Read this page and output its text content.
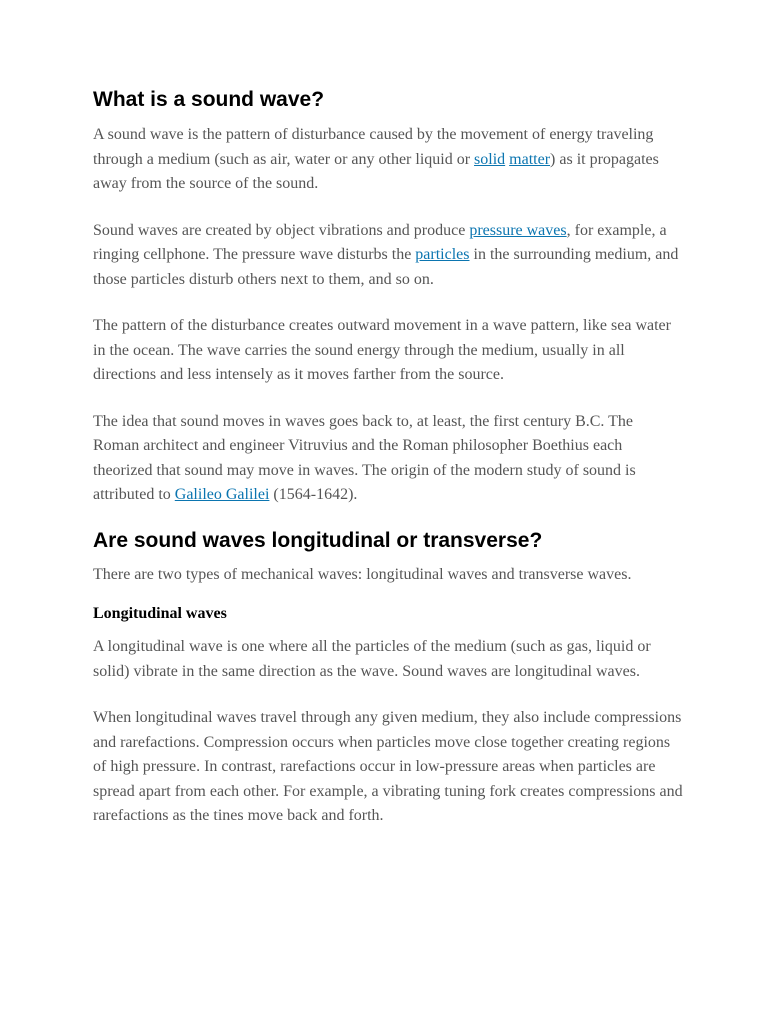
What is a sound wave?

A sound wave is the pattern of disturbance caused by the movement of energy traveling through a medium (such as air, water or any other liquid or solid matter) as it propagates away from the source of the sound.

Sound waves are created by object vibrations and produce pressure waves, for example, a ringing cellphone. The pressure wave disturbs the particles in the surrounding medium, and those particles disturb others next to them, and so on.

The pattern of the disturbance creates outward movement in a wave pattern, like sea water in the ocean. The wave carries the sound energy through the medium, usually in all directions and less intensely as it moves farther from the source.

The idea that sound moves in waves goes back to, at least, the first century B.C. The Roman architect and engineer Vitruvius and the Roman philosopher Boethius each theorized that sound may move in waves. The origin of the modern study of sound is attributed to Galileo Galilei (1564-1642).

Are sound waves longitudinal or transverse?

There are two types of mechanical waves: longitudinal waves and transverse waves.

Longitudinal waves

A longitudinal wave is one where all the particles of the medium (such as gas, liquid or solid) vibrate in the same direction as the wave. Sound waves are longitudinal waves.

When longitudinal waves travel through any given medium, they also include compressions and rarefactions. Compression occurs when particles move close together creating regions of high pressure. In contrast, rarefactions occur in low-pressure areas when particles are spread apart from each other. For example, a vibrating tuning fork creates compressions and rarefactions as the tines move back and forth.
